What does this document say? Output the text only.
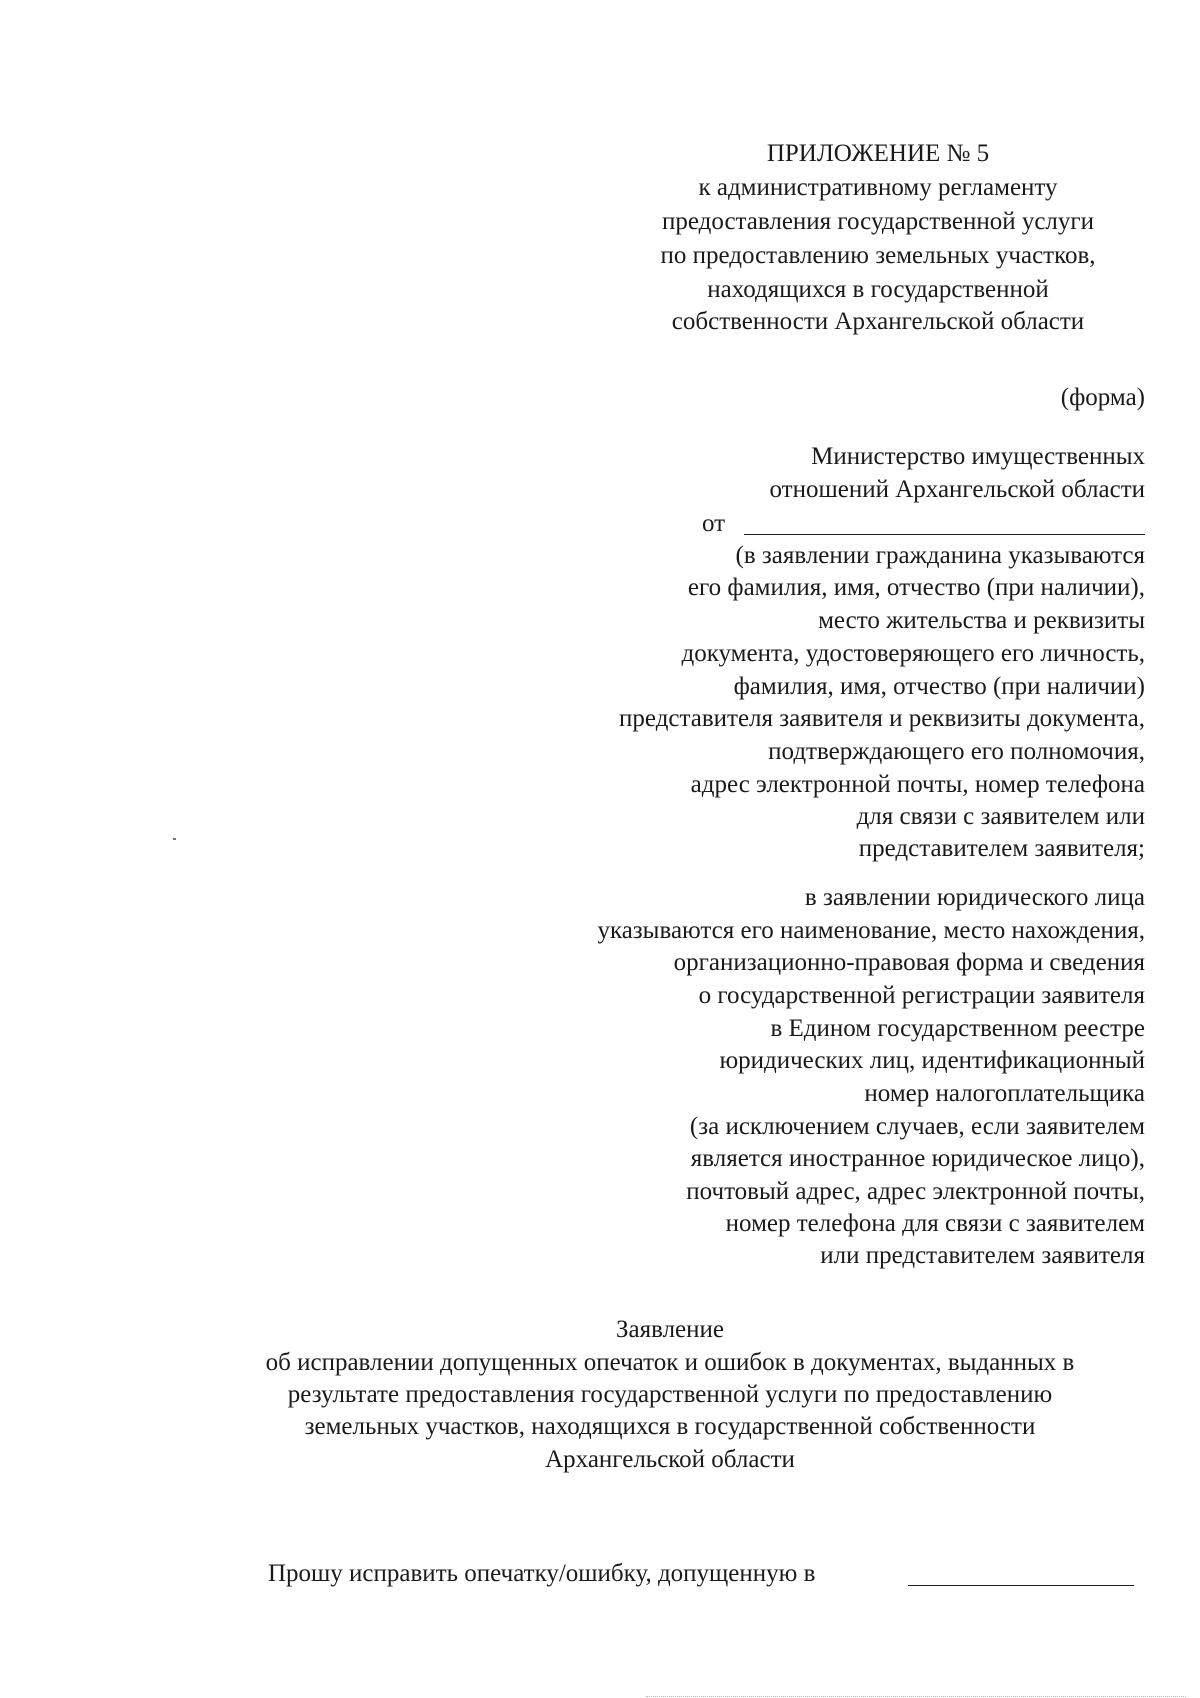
ПРИЛОЖЕНИЕ № 5
к административному регламенту
предоставления государственной услуги
по предоставлению земельных участков,
находящихся в государственной
собственности Архангельской области
(форма)
Министерство имущественных
отношений Архангельской области
от
(в заявлении гражданина указываются
его фамилия, имя, отчество (при наличии),
место жительства и реквизиты
документа, удостоверяющего его личность,
фамилия, имя, отчество (при наличии)
представителя заявителя и реквизиты документа,
подтверждающего его полномочия,
адрес электронной почты, номер телефона
для связи с заявителем или
представителем заявителя;
в заявлении юридического лица
указываются его наименование, место нахождения,
организационно-правовая форма и сведения
о государственной регистрации заявителя
в Едином государственном реестре
юридических лиц, идентификационный
номер налогоплательщика
(за исключением случаев, если заявителем
является иностранное юридическое лицо),
почтовый адрес, адрес электронной почты,
номер телефона для связи с заявителем
или представителем заявителя
Заявление
об исправлении допущенных опечаток и ошибок в документах, выданных в
результате предоставления государственной услуги по предоставлению
земельных участков, находящихся в государственной собственности
Архангельской области
Прошу исправить опечатку/ошибку, допущенную в
